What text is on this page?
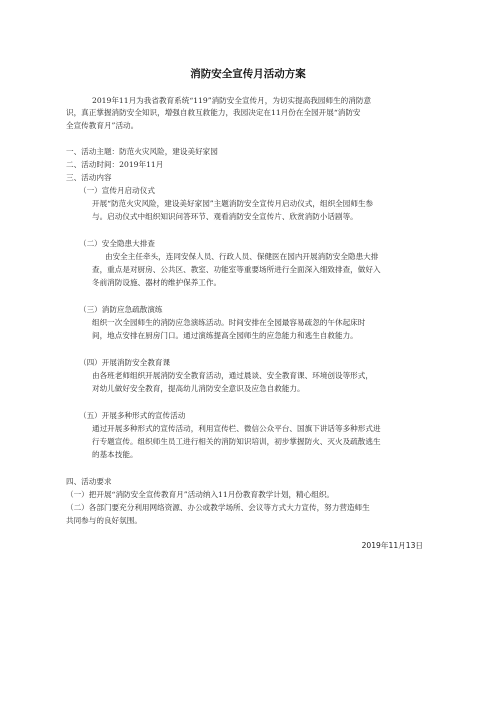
消防安全宣传月活动方案
2019年11月为我省教育系统“119”消防安全宣传月，为切实提高我园师生的消防意
识，真正掌握消防安全知识，增强自救互救能力，我园决定在11月份在全园开展“消防安
全宣传教育月”活动。
一、活动主题：防范火灾风险，建设美好家园
二、活动时间：2019年11月
三、活动内容
（一）宣传月启动仪式
开展“防范火灾风险，建设美好家园”主题消防安全宣传月启动仪式，组织全园师生参
与。启动仪式中组织知识问答环节、观看消防安全宣传片、欣赏消防小话剧等。
（二）安全隐患大排查
由安全主任牵头，连同安保人员、行政人员、保健医在园内开展消防安全隐患大排
查，重点是对厨房、公共区、教室、功能室等重要场所进行全面深入细致排查，做好入
冬前消防设施、器材的维护保养工作。
（三）消防应急疏散演练
组织一次全园师生的消防应急演练活动。时间安排在全园最容易疏忽的午休起床时
间，地点安排在厨房门口。通过演练提高全园师生的应急能力和逃生自救能力。
（四）开展消防安全教育课
由各班老师组织开展消防安全教育活动，通过晨谈、安全教育课、环境创设等形式，
对幼儿做好安全教育，提高幼儿消防安全意识及应急自救能力。
（五）开展多种形式的宣传活动
通过开展多种形式的宣传活动，利用宣传栏、微信公众平台、国旗下讲话等多种形式进
行专题宣传。组织师生员工进行相关的消防知识培训，初步掌握防火、灭火及疏散逃生
的基本技能。
四、活动要求
（一）把开展“消防安全宣传教育月”活动纳入11月份教育教学计划，精心组织。
（二）各部门要充分利用网络资源、办公或教学场所、会议等方式大力宣传，努力营造师生
共同参与的良好氛围。
2019年11月13日
